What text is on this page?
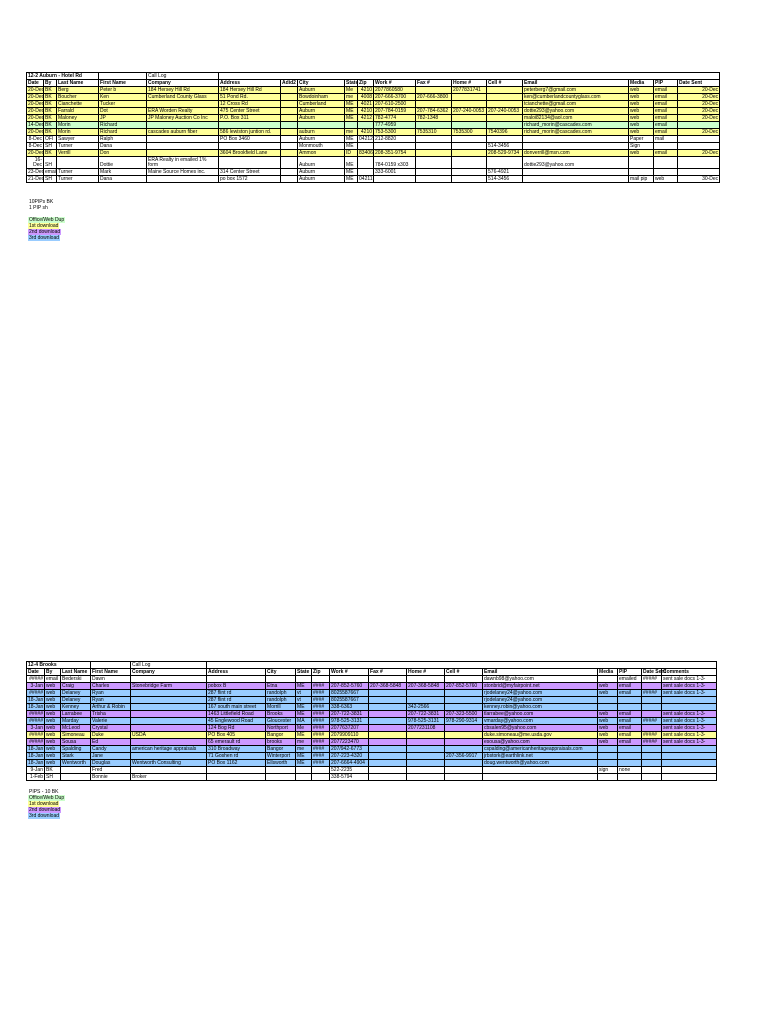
12-2 Auburn - Hotel Rd				Call Log													
Date	By	Last Name	First Name	Company	Address	Adid2	City	State	Zip	Work #	Fax #	Home #	Cell #	Email	Media	PIP	Date Sent
20-Dec	BK	Berg	Peter b	184 Hersey Hill Rd	184 Hersey Hill Rd		Auburn	Me	4210	2077860580		2077831741		peterberg7@gmail.com	web	email	20-Dec
20-Dec	BK	Boucher	Ken	Cumberland County Glass	51 Pond Rd.		Bowdoinham	me	4008	207-666-3700	207-666-3800			ken@cumberlandcountyglass.com	web	email	20-Dec
20-Dec	BK	Cianchette	Tucker		12 Cross Rd		Cumberland	ME	4021	207-610-2500				tcianchette@gmail.com	web	email	20-Dec
20-Dec	BK	Farrald	Dot	ERA Worden Realty	475 Center Street		Auburn	ME	4210	207-784-0159	207-784-6362	207-240-0053	207-240-0053	dottie293@yahoo.com	web	email	20-Dec
20-Dec	BK	Maloney	JP	JP Maloney Auction Co Inc	P.O. Box 311		Auburn	ME	4212	782-4774	782-1348			maloi82134@aol.com	web	email	20-Dec
14-Dec	BK	Morin	Richard							777-4959				richard_morin@cascades.com	web	email	
20-Dec	BK	Morin	Richard	cascades auburn fiber	586 lewiston juntion rd.		auburn	me	4210	753-5300	7535310	7535300	7540396	richard_morin@cascades.com	web	email	20-Dec
8-Dec	OFI	Sawyer	Ralph		PO Box 3460		Auburn	ME	04212	212-8820					Paper	mail	
8-Dec	SH	Turner	Dana				Monmouth	ME					514-3456		Sign		
20-Dec	BK	Verrill	Don		3604 Brookfield Lane		Ammon	ID	83406	208-351-9754			208-529-9734	donverrill@msn.com	web	email	20-Dec
16-Dec	SH		Dottie	ERA Realty in emailed 1% form			Auburn	ME		784-0159 x303				dottie293@yahoo.com			
23-Dec	email	Turner	Mark	Maine Source Homes inc.	314 Center Street		Auburn	ME		333-6001			576-4921				
21-Dec	SH	Turner	Dana		po box 1572		Auburn	ME	04211				514-3456		mail pip	web	30-Dec
10PIPs BK
1 PIP sh
Office/Web Dup
1st download
2nd download
3rd download
12-4 Brooks				Call Log													
Date	By	Last Name	First Name	Company	Address	City	State	Zip	Work #	Fax #	Home #	Cell #	Email	Media	PIP	Date Sent	Comments
#####	email	Bederski	Dawn										dawnb98@yahoo.com		emailed	#####	sent sale docs 1-3-
3-Jan	web	Craig	Charles	Stonebridge Farm	pobox B	Etna	ME	####	207-852-5760	207-368-5848	207-368-5848	207-852-5760	stonbrid@myfairpoint.net	web	email		sent sale docs 1-3-
#####	web	Delaney	Ryan		287 flint rd	randolph	vt	####	8025587667				rjodelaney24@yahoo.com	web	email	#####	sent sale docs 1-3-
18-Jan	web	Delaney	Ryan		287 flint rd	randolph	vt	####	8025587667				rjodelaney24@yahoo.com				
18-Jan	web	Kenney	Arthur & Robin		167 south main street	Morrill	ME	####	338-6363		342-2566		kenney.robin@yahoo.com				
#####	web	Larrabee	Trisha		1463 Littlefield Road	Brooks	ME	####	207-722-3831		207-722-3831	207-323-5500	tlarrabee@yahoo.com	web	email		sent sale docs 1-3-
#####	web	Marday	Valerie		45 Englewood Road	Gloucester	MA	####	978-525-3131		978-525-3131	978-290-9314	vmarday@yahoo.com	web	email	#####	sent sale docs 1-3-
3-Jan	web	McLeod	Crystal		124 Bog Rd	Northport	Me	####	2077637207		2077231108		cbsalen95@yahoo.com	web	email		sent sale docs 1-3-
#####	web	Simoneau	Duke	USDA	PO Box 405	Bangor	ME	####	2079909110				duke.simoneau@me.usda.gov	web	email	#####	sent sale docs 1-3-
#####	web	Sousa	Ed		65 emerault rd	brooks	me	####	2077223470				esousa@yahoo.com	web	email	#####	sent sale docs 1-3-
18-Jan	web	Spalding	Candy	american heritage appraisals	310 Broadway	Bangor	me	####	207/942-6773				cspalding@americanheritageappraisals.com				
18-Jan	web	Stark	Jane		71 Goshen rd	Winterport	ME	####	207-223-4320			207-356-9917	jrbstork@earthlink.net				
18-Jan	web	Wentworth	Douglas	Wentworth Consulting	PO Box 1162	Ellsworth	ME	####	207-6664-4904				doug.wentworth@yahoo.com				
9-Jan	BK		Fred						522-2235					sign	none		
1-Feb	SH		Bonnie	Broker					338-5794								
PIPS - 10 BK
Office/Web Dup
1st download
2nd download
3rd download
